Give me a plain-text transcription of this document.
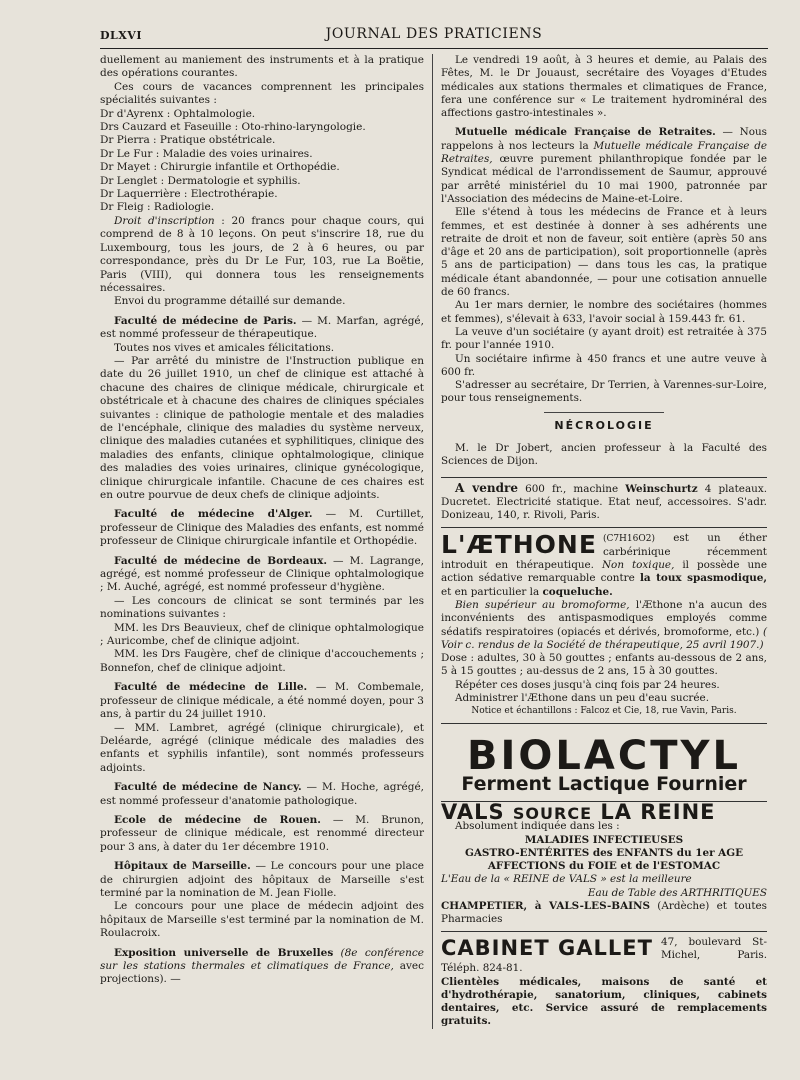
DLXVI	JOURNAL DES PRATICIENS

duellement au maniement des instruments et à la pratique des opérations courantes.

Ces cours de vacances comprennent les principales spécialités suivantes :

Dr d'Ayrenx : Ophtalmologie.

Drs Cauzard et Faseuille : Oto-rhino-laryngologie.

Dr Pierra : Pratique obstétricale.

Dr Le Fur : Maladie des voies urinaires.

Dr Mayet : Chirurgie infantile et Orthopédie.

Dr Lenglet : Dermatologie et syphilis.

Dr Laquerrière : Electrothérapie.

Dr Fleig : Radiologie.

Droit d'inscription : 20 francs pour chaque cours, qui comprend de 8 à 10 leçons. On peut s'inscrire 18, rue du Luxembourg, tous les jours, de 2 à 6 heures, ou par correspondance, près du Dr Le Fur, 103, rue La Boëtie, Paris (VIII), qui donnera tous les renseignements nécessaires.

Envoi du programme détaillé sur demande.

Faculté de médecine de Paris. — M. Marfan, agrégé, est nommé professeur de thérapeutique.

Toutes nos vives et amicales félicitations.

— Par arrêté du ministre de l'Instruction publique en date du 26 juillet 1910, un chef de clinique est attaché à chacune des chaires de clinique médicale, chirurgicale et obstétricale et à chacune des chaires de cliniques spéciales suivantes : clinique de pathologie mentale et des maladies de l'encéphale, clinique des maladies du système nerveux, clinique des maladies cutanées et syphilitiques, clinique des maladies des enfants, clinique ophtalmologique, clinique des maladies des voies urinaires, clinique gynécologique, clinique chirurgicale infantile. Chacune de ces chaires est en outre pourvue de deux chefs de clinique adjoints.

Faculté de médecine d'Alger. — M. Curtillet, professeur de Clinique des Maladies des enfants, est nommé professeur de Clinique chirurgicale infantile et Orthopédie.

Faculté de médecine de Bordeaux. — M. Lagrange, agrégé, est nommé professeur de Clinique ophtalmologique ; M. Auché, agrégé, est nommé professeur d'hygiène.

— Les concours de clinicat se sont terminés par les nominations suivantes :

MM. les Drs Beauvieux, chef de clinique ophtalmologique ; Auricombe, chef de clinique adjoint.

MM. les Drs Faugère, chef de clinique d'accouchements ; Bonnefon, chef de clinique adjoint.

Faculté de médecine de Lille. — M. Combemale, professeur de clinique médicale, a été nommé doyen, pour 3 ans, à partir du 24 juillet 1910.

— MM. Lambret, agrégé (clinique chirurgicale), et Deléarde, agrégé (clinique médicale des maladies des enfants et syphilis infantile), sont nommés professeurs adjoints.

Faculté de médecine de Nancy. — M. Hoche, agrégé, est nommé professeur d'anatomie pathologique.

Ecole de médecine de Rouen. — M. Brunon, professeur de clinique médicale, est renommé directeur pour 3 ans, à dater du 1er décembre 1910.

Hôpitaux de Marseille. — Le concours pour une place de chirurgien adjoint des hôpitaux de Marseille s'est terminé par la nomination de M. Jean Fiolle.

Le concours pour une place de médecin adjoint des hôpitaux de Marseille s'est terminé par la nomination de M. Roulacroix.

Exposition universelle de Bruxelles (8e conférence sur les stations thermales et climatiques de France, avec projections). —

Le vendredi 19 août, à 3 heures et demie, au Palais des Fêtes, M. le Dr Jouaust, secrétaire des Voyages d'Etudes médicales aux stations thermales et climatiques de France, fera une conférence sur « Le traitement hydrominéral des affections gastro-intestinales ».

Mutuelle médicale Française de Retraites. — Nous rappelons à nos lecteurs la Mutuelle médicale Française de Retraites, œuvre purement philanthropique fondée par le Syndicat médical de l'arrondissement de Saumur, approuvé par arrêté ministériel du 10 mai 1900, patronnée par l'Association des médecins de Maine-et-Loire.

Elle s'étend à tous les médecins de France et à leurs femmes, et est destinée à donner à ses adhérents une retraite de droit et non de faveur, soit entière (après 50 ans d'âge et 20 ans de participation), soit proportionnelle (après 5 ans de participation) — dans tous les cas, la pratique médicale étant abandonnée, — pour une cotisation annuelle de 60 francs.

Au 1er mars dernier, le nombre des sociétaires (hommes et femmes), s'élevait à 633, l'avoir social à 159.443 fr. 61.

La veuve d'un sociétaire (y ayant droit) est retraitée à 375 fr. pour l'année 1910.

Un sociétaire infirme à 450 francs et une autre veuve à 600 fr.

S'adresser au secrétaire, Dr Terrien, à Varennes-sur-Loire, pour tous renseignements.

NÉCROLOGIE

M. le Dr Jobert, ancien professeur à la Faculté des Sciences de Dijon.

A vendre 600 fr., machine Weinschurtz 4 plateaux. Ducretet. Electricité statique. Etat neuf, accessoires. S'adr. Donizeau, 140, r. Rivoli, Paris.

L'ÆTHONE (C7H16O2) est un éther carbérinique récemment introduit en thérapeutique. Non toxique, il possède une action sédative remarquable contre la toux spasmodique, et en particulier la coqueluche.

Bien supérieur au bromoforme, l'Æthone n'a aucun des inconvénients des antispasmodiques employés comme sédatifs respiratoires (opiacés et dérivés, bromoforme, etc.) ( Voir c. rendus de la Société de thérapeutique, 25 avril 1907.)

Dose : adultes, 30 à 50 gouttes ; enfants au-dessous de 2 ans, 5 à 15 gouttes ; au-dessus de 2 ans, 15 à 30 gouttes.

Répéter ces doses jusqu'à cinq fois par 24 heures.

Administrer l'Æthone dans un peu d'eau sucrée.

Notice et échantillons : Falcoz et Cie, 18, rue Vavin, Paris.

BIOLACTYL
Ferment Lactique Fournier
VALS SOURCE LA REINE

Absolument indiquée dans les :

MALADIES INFECTIEUSES

GASTRO-ENTÉRITES des ENFANTS du 1er AGE

AFFECTIONS du FOIE et de l'ESTOMAC

L'Eau de la « REINE de VALS » est la meilleure

Eau de Table des ARTHRITIQUES

CHAMPETIER, à VALS-LES-BAINS (Ardèche) et toutes Pharmacies

CABINET GALLET 47, boulevard St-Michel, Paris. Téléph. 824-81.

Clientèles médicales, maisons de santé et d'hydrothérapie, sanatorium, cliniques, cabinets dentaires, etc. Service assuré de remplacements gratuits.
